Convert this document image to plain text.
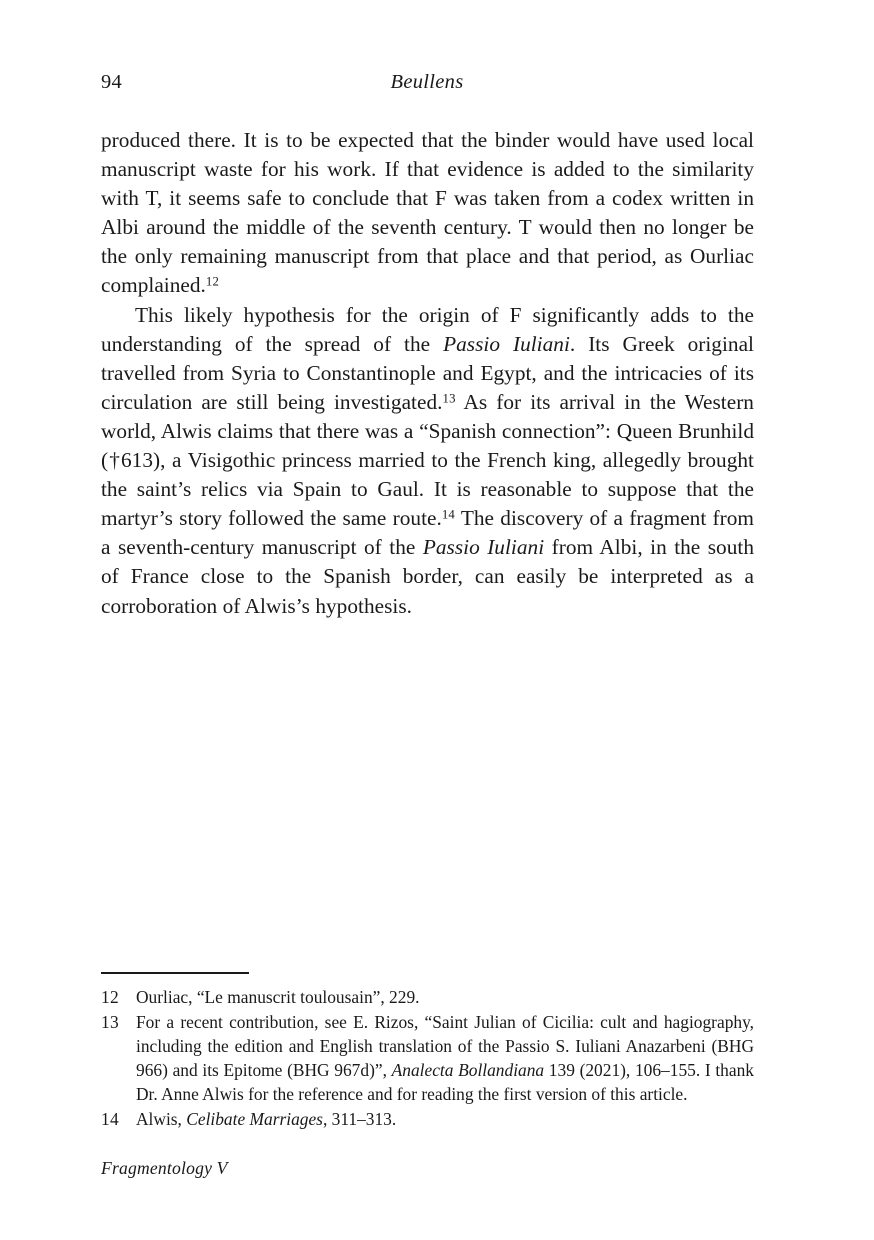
94	Beullens

produced there. It is to be expected that the binder would have used local manuscript waste for his work. If that evidence is added to the similarity with T, it seems safe to conclude that F was taken from a codex written in Albi around the middle of the seventh century. T would then no longer be the only remaining manuscript from that place and that period, as Ourliac complained.$^{12}$

This likely hypothesis for the origin of F significantly adds to the understanding of the spread of the Passio Iuliani. Its Greek original travelled from Syria to Constantinople and Egypt, and the intricacies of its circulation are still being investigated.$^{13}$ As for its arrival in the Western world, Alwis claims that there was a “Spanish connection”: Queen Brunhild (†613), a Visigothic princess married to the French king, allegedly brought the saint’s relics via Spain to Gaul. It is reasonable to suppose that the martyr’s story followed the same route.$^{14}$ The discovery of a fragment from a seventh-century manuscript of the Passio Iuliani from Albi, in the south of France close to the Spanish border, can easily be interpreted as a corroboration of Alwis’s hypothesis.

12 Ourliac, “Le manuscrit toulousain”, 229.
13 For a recent contribution, see E. Rizos, “Saint Julian of Cicilia: cult and hagiography, including the edition and English translation of the Passio S. Iuliani Anazarbeni (BHG 966) and its Epitome (BHG 967d)”, Analecta Bollandiana 139 (2021), 106–155. I thank Dr. Anne Alwis for the reference and for reading the first version of this article.
14 Alwis, Celibate Marriages, 311–313.
Fragmentology V
